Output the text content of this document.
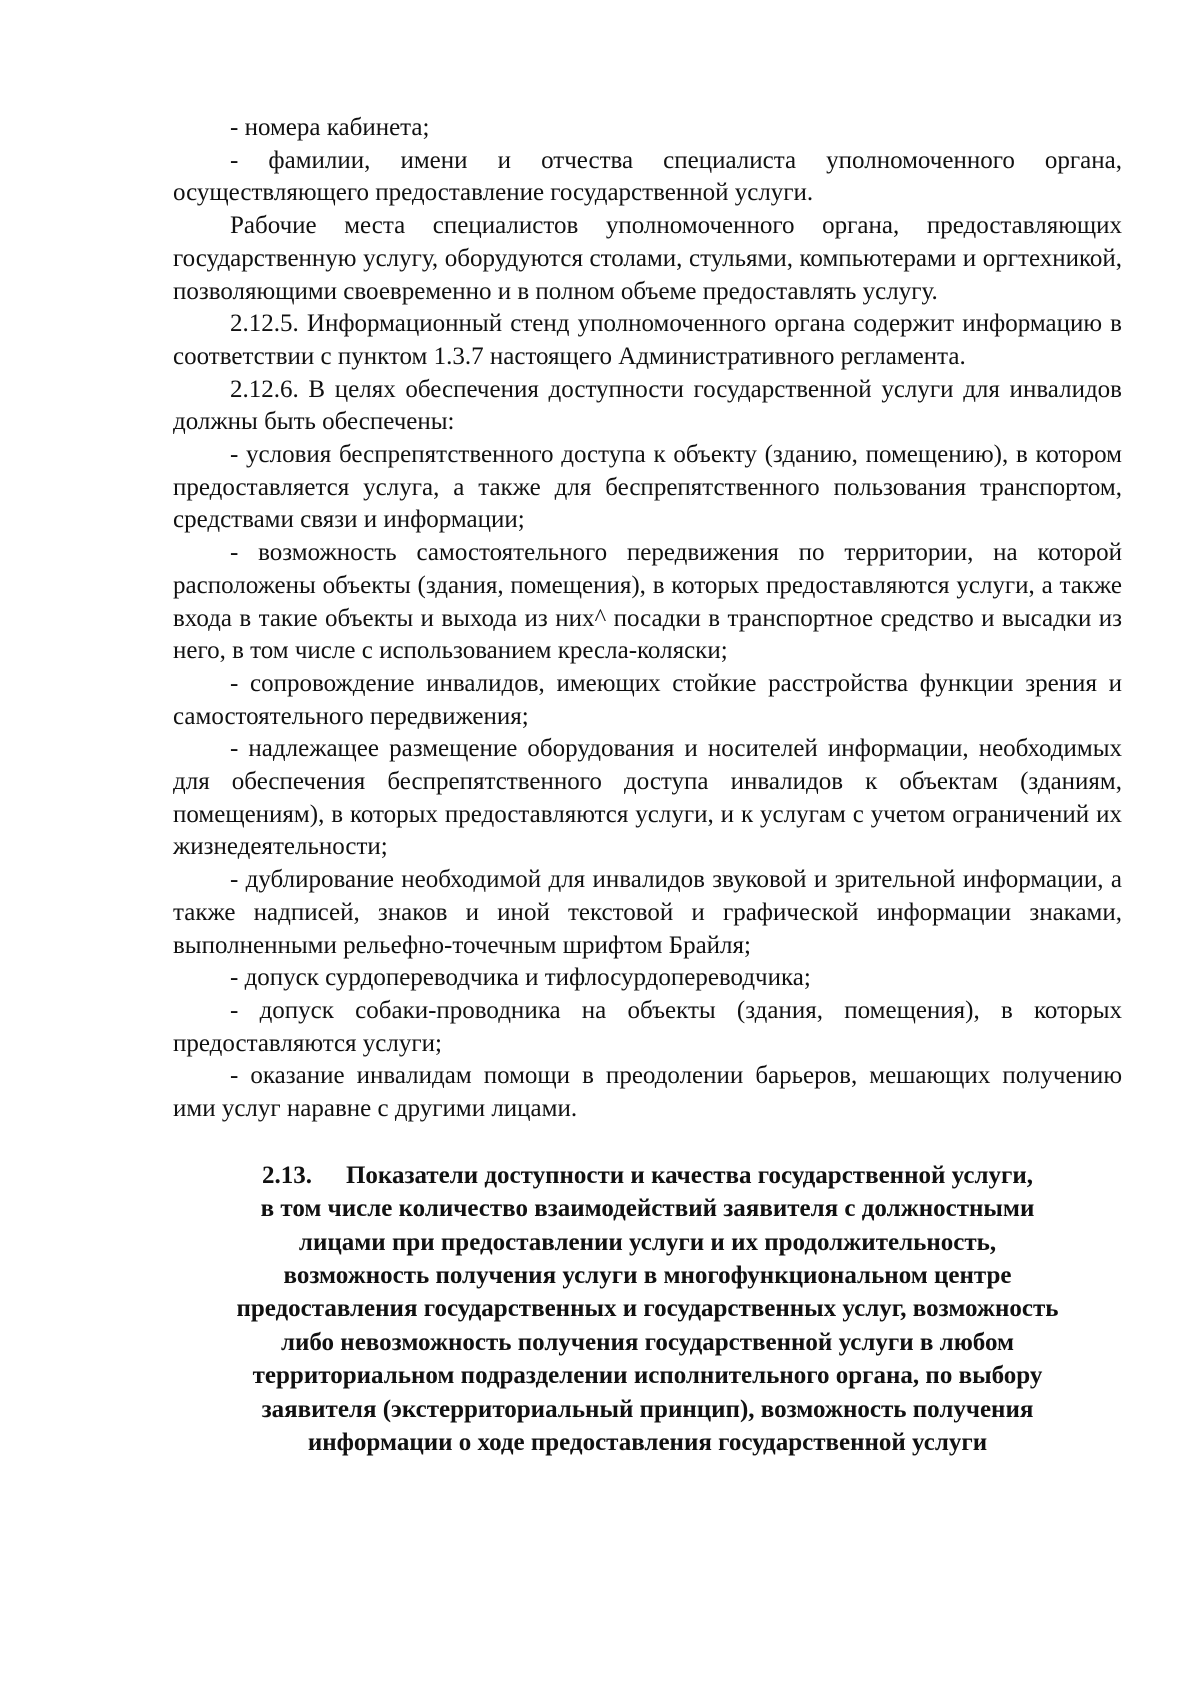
- номера кабинета;

- фамилии, имени и отчества специалиста уполномоченного органа, осуществляющего предоставление государственной услуги.

Рабочие места специалистов уполномоченного органа, предоставляющих государственную услугу, оборудуются столами, стульями, компьютерами и оргтехникой, позволяющими своевременно и в полном объеме предоставлять услугу.

2.12.5. Информационный стенд уполномоченного органа содержит информацию в соответствии с пунктом 1.3.7 настоящего Административного регламента.

2.12.6. В целях обеспечения доступности государственной услуги для инвалидов должны быть обеспечены:

- условия беспрепятственного доступа к объекту (зданию, помещению), в котором предоставляется услуга, а также для беспрепятственного пользования транспортом, средствами связи и информации;

- возможность самостоятельного передвижения по территории, на которой расположены объекты (здания, помещения), в которых предоставляются услуги, а также входа в такие объекты и выхода из них^ посадки в транспортное средство и высадки из него, в том числе с использованием кресла-коляски;

- сопровождение инвалидов, имеющих стойкие расстройства функции зрения и самостоятельного передвижения;

- надлежащее размещение оборудования и носителей информации, необходимых для обеспечения беспрепятственного доступа инвалидов к объектам (зданиям, помещениям), в которых предоставляются услуги, и к услугам с учетом ограничений их жизнедеятельности;

- дублирование необходимой для инвалидов звуковой и зрительной информации, а также надписей, знаков и иной текстовой и графической информации знаками, выполненными рельефно-точечным шрифтом Брайля;

- допуск сурдопереводчика и тифлосурдопереводчика;

- допуск собаки-проводника на объекты (здания, помещения), в которых предоставляются услуги;

- оказание инвалидам помощи в преодолении барьеров, мешающих получению ими услуг наравне с другими лицами.

2.13. Показатели доступности и качества государственной услуги,
в том числе количество взаимодействий заявителя с должностными
лицами при предоставлении услуги и их продолжительность,
возможность получения услуги в многофункциональном центре
предоставления государственных и государственных услуг, возможность
либо невозможность получения государственной услуги в любом
территориальном подразделении исполнительного органа, по выбору
заявителя (экстерриториальный принцип), возможность получения
информации о ходе предоставления государственной услуги
